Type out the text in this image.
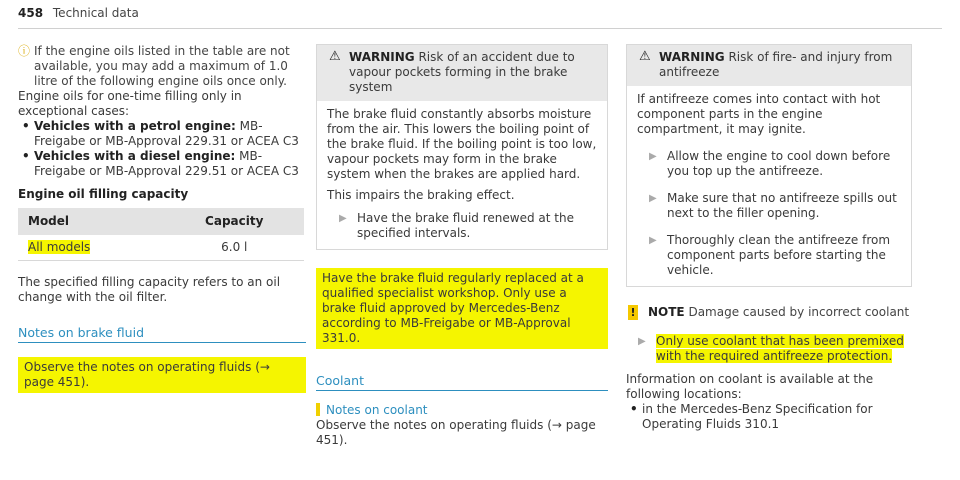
458 Technical data
ⓘ If the engine oils listed in the table are not available, you may add a maximum of 1.0 litre of the following engine oils once only.

Engine oils for one-time filling only in exceptional cases:

• Vehicles with a petrol engine: MB-Freigabe or MB-Approval 229.31 or ACEA C3
• Vehicles with a diesel engine: MB-Freigabe or MB-Approval 229.51 or ACEA C3

Engine oil filling capacity

Model	Capacity
All models	6.0 l

The specified filling capacity refers to an oil change with the oil filter.

Notes on brake fluid
Observe the notes on operating fluids (→ page 451).
⚠ WARNING Risk of an accident due to vapour pockets forming in the brake system

The brake fluid constantly absorbs moisture from the air. This lowers the boiling point of the brake fluid. If the boiling point is too low, vapour pockets may form in the brake system when the brakes are applied hard.

This impairs the braking effect.

▶ Have the brake fluid renewed at the specified intervals.
Have the brake fluid regularly replaced at a qualified specialist workshop. Only use a brake fluid approved by Mercedes-Benz according to MB-Freigabe or MB-Approval 331.0.
Coolant

Notes on coolant

Observe the notes on operating fluids (→ page 451).

⚠ WARNING Risk of fire- and injury from antifreeze

If antifreeze comes into contact with hot component parts in the engine compartment, it may ignite.

▶ Allow the engine to cool down before you top up the antifreeze.
▶ Make sure that no antifreeze spills out next to the filler opening.
▶ Thoroughly clean the antifreeze from component parts before starting the vehicle.
! NOTE Damage caused by incorrect coolant
▶ Only use coolant that has been premixed with the required antifreeze protection.

Information on coolant is available at the following locations:

• in the Mercedes-Benz Specification for Operating Fluids 310.1
